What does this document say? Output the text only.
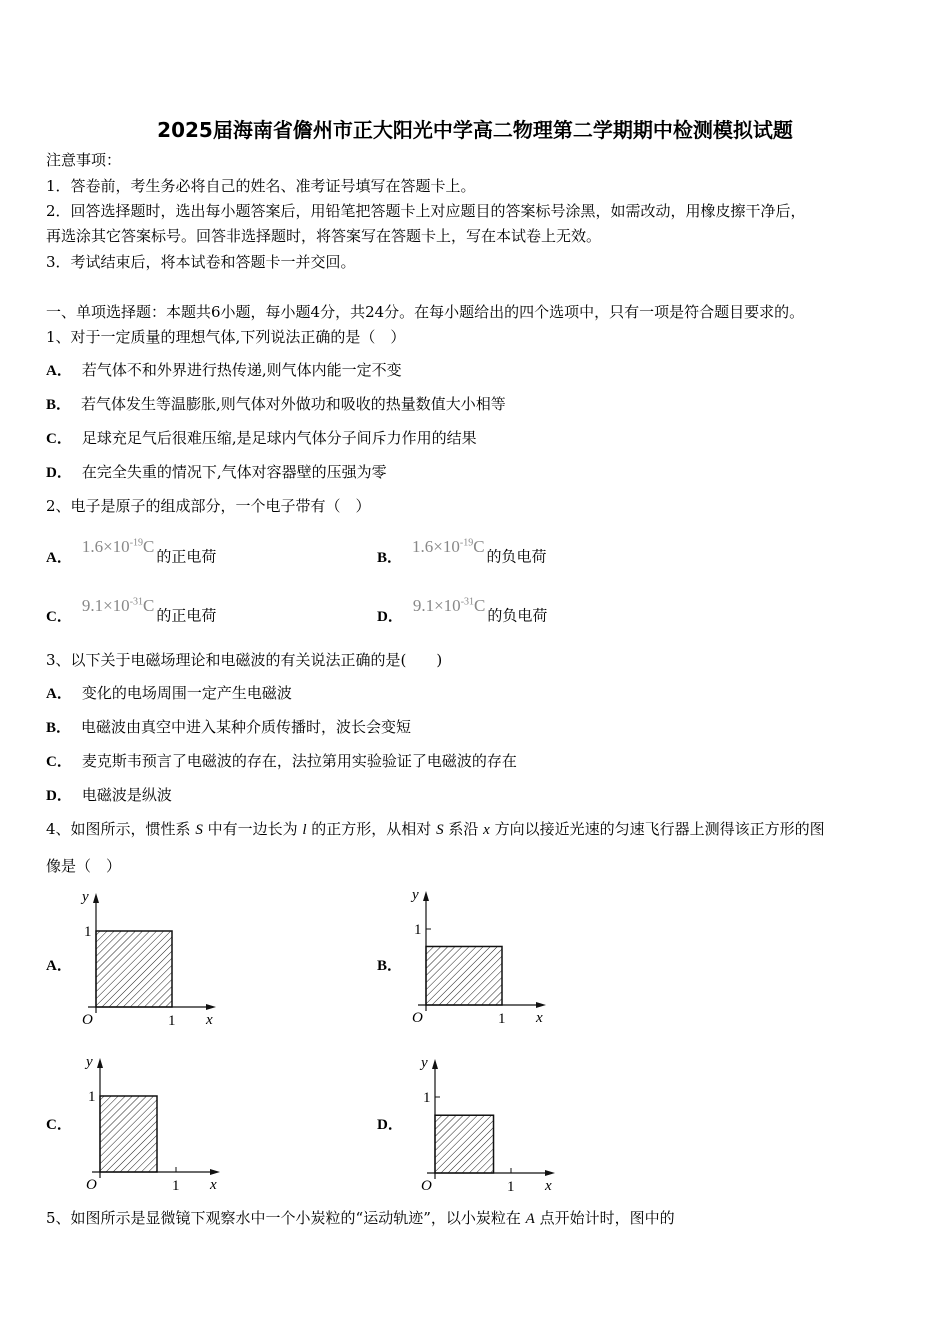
2025届海南省儋州市正大阳光中学高二物理第二学期期中检测模拟试题
注意事项：
1．答卷前，考生务必将自己的姓名、准考证号填写在答题卡上。
2．回答选择题时，选出每小题答案后，用铅笔把答题卡上对应题目的答案标号涂黑，如需改动，用橡皮擦干净后，
再选涂其它答案标号。回答非选择题时，将答案写在答题卡上，写在本试卷上无效。
3．考试结束后，将本试卷和答题卡一并交回。
一、单项选择题：本题共6小题，每小题4分，共24分。在每小题给出的四个选项中，只有一项是符合题目要求的。
1、对于一定质量的理想气体,下列说法正确的是（　）
A． 若气体不和外界进行热传递,则气体内能一定不变
B． 若气体发生等温膨胀,则气体对外做功和吸收的热量数值大小相等
C． 足球充足气后很难压缩,是足球内气体分子间斥力作用的结果
D． 在完全失重的情况下,气体对容器壁的压强为零
2、电子是原子的组成部分，一个电子带有（　）
A．$1.6\times 10^{-19}C$的正电荷	B．$1.6\times 10^{-19}C$的负电荷
C．$9.1\times 10^{-31}C$的正电荷	D．$9.1\times 10^{-31}C$的负电荷
3、以下关于电磁场理论和电磁波的有关说法正确的是(　　)
A． 变化的电场周围一定产生电磁波
B． 电磁波由真空中进入某种介质传播时，波长会变短
C． 麦克斯韦预言了电磁波的存在，法拉第用实验验证了电磁波的存在
D． 电磁波是纵波
4、如图所示，惯性系 S 中有一边长为 l 的正方形，从相对 S 系沿 x 方向以接近光速的匀速飞行器上测得该正方形的图
像是（　）
A．	B．
C．	D．
O	1
1
x
y
O	1
1
x
y
O	1
1
x
y
O	1
1
x
y
5、如图所示是显微镜下观察水中一个小炭粒的“运动轨迹”，以小炭粒在 A 点开始计时，图中的
